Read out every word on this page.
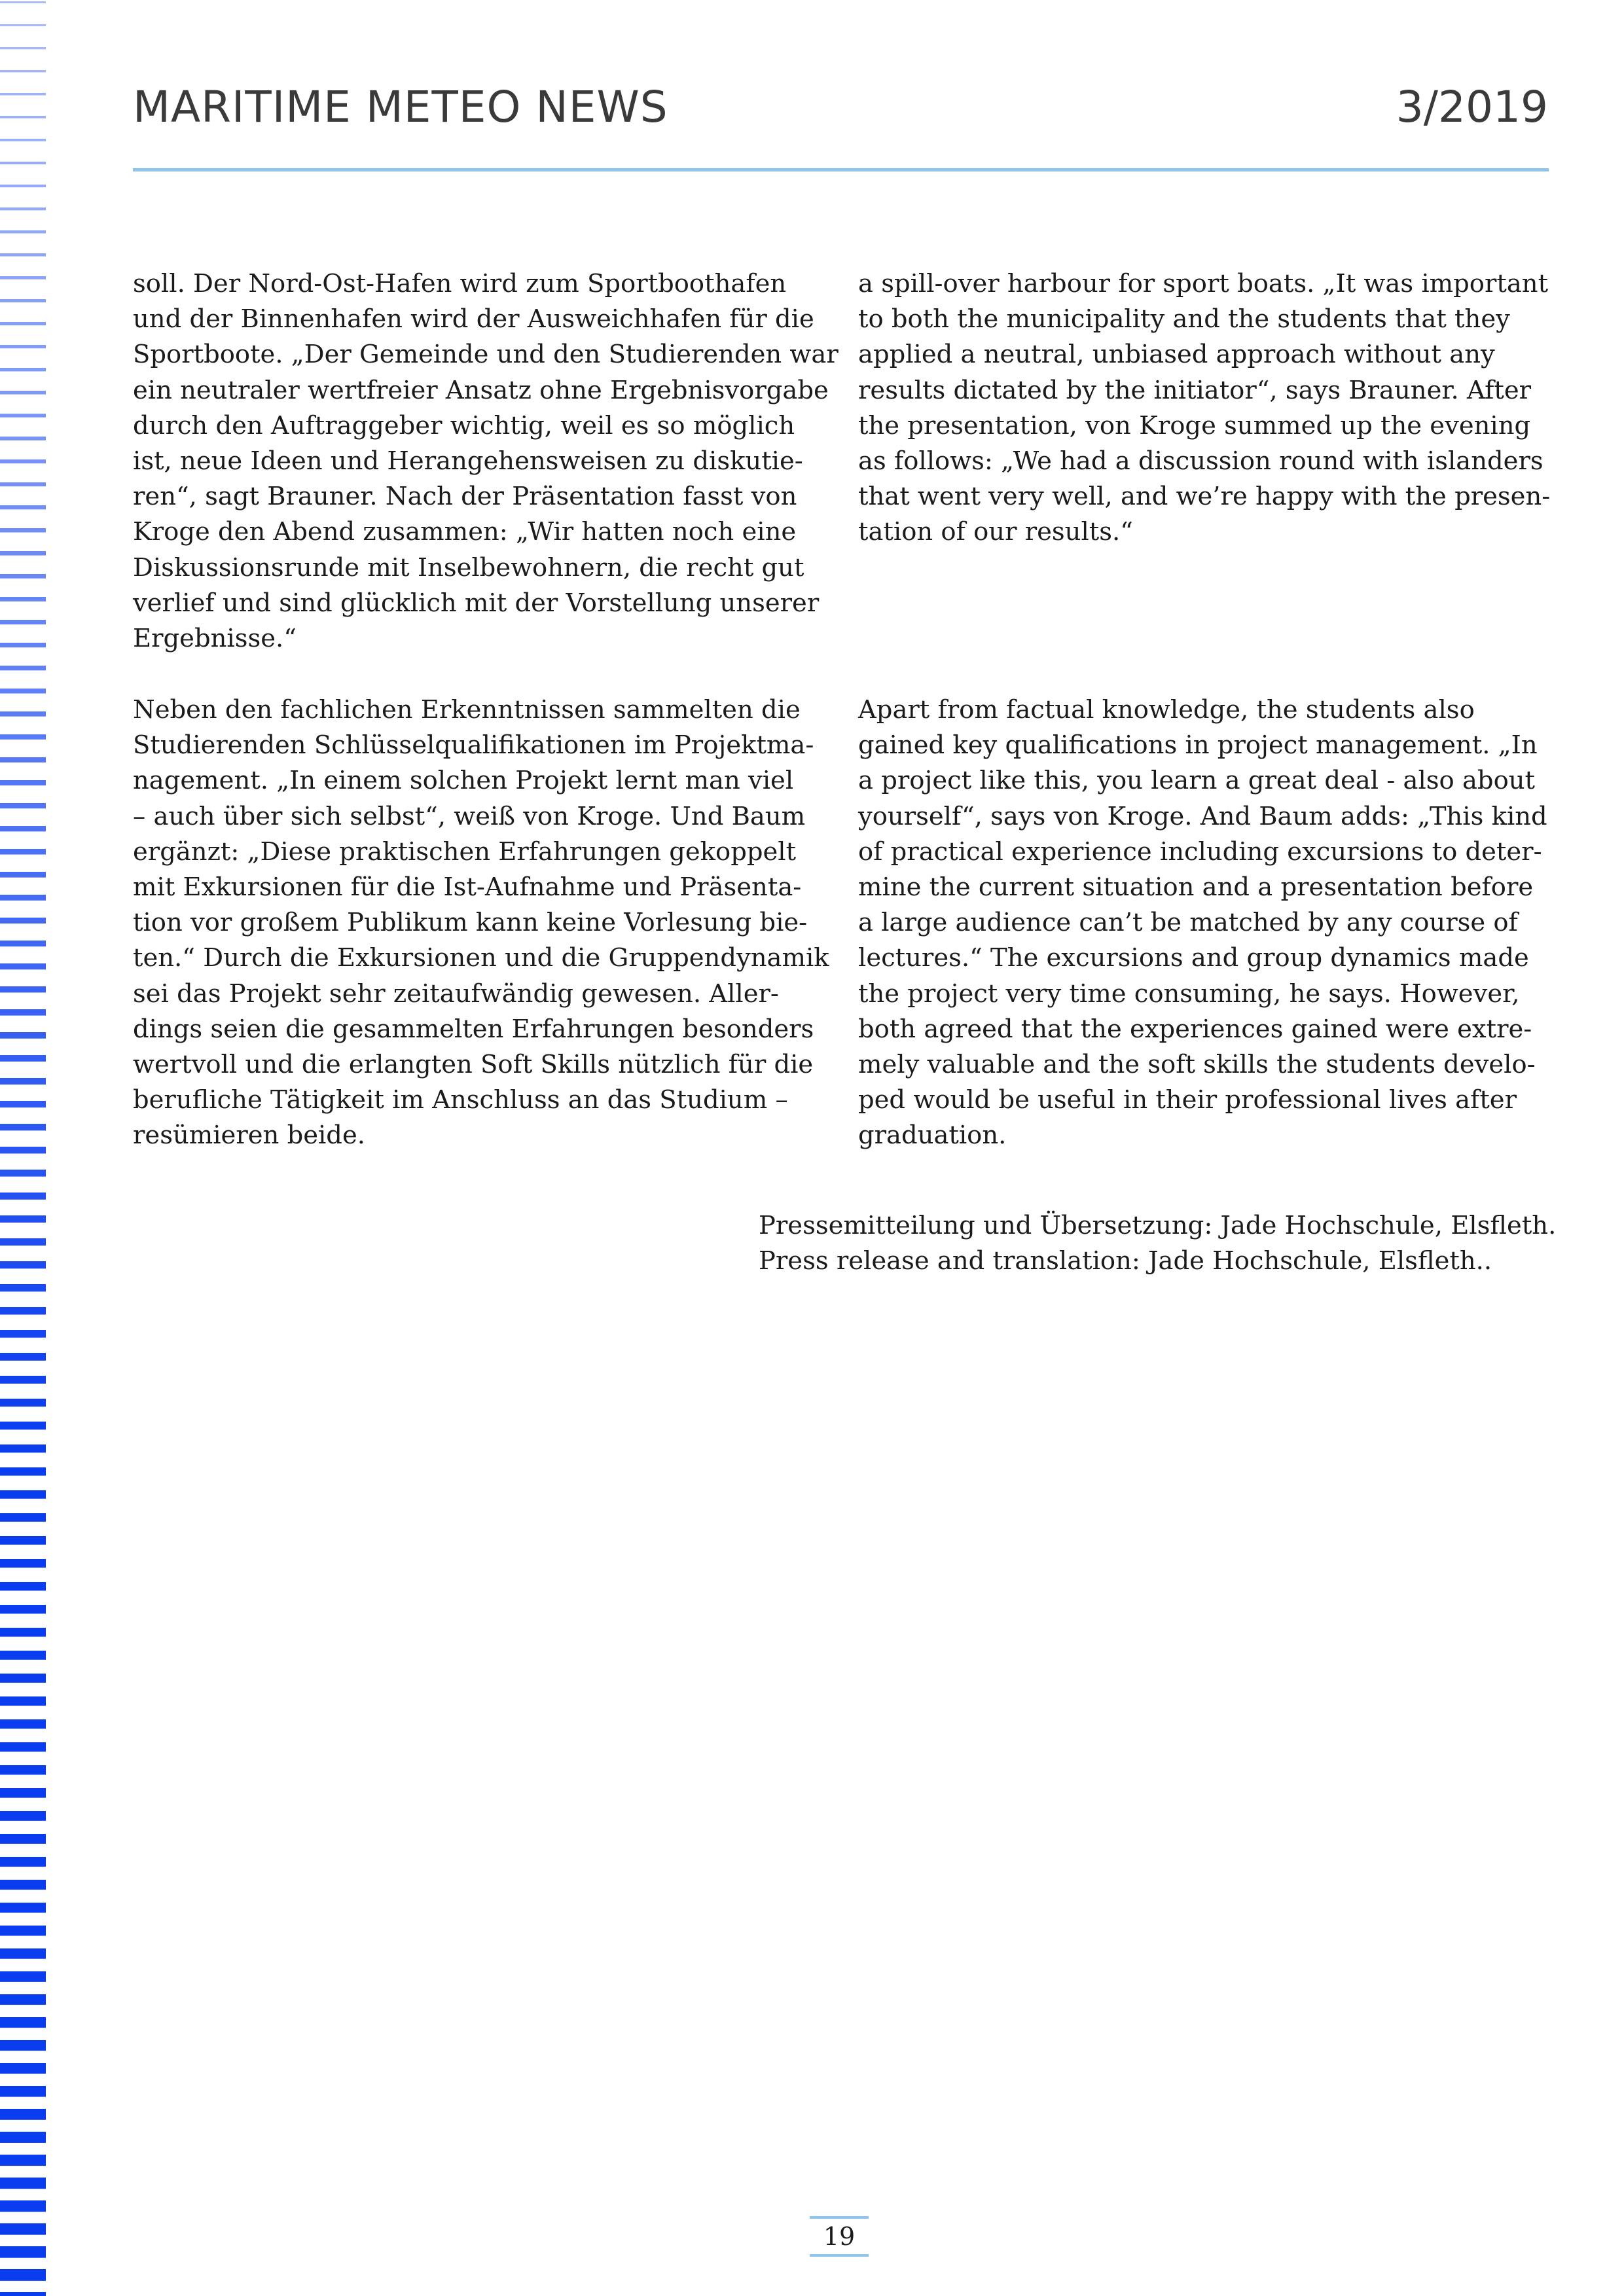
MARITIME METEO NEWS	3/2019

soll. Der Nord-Ost-Hafen wird zum Sportboothafen
und der Binnenhafen wird der Ausweichhafen für die
Sportboote. „Der Gemeinde und den Studierenden war
ein neutraler wertfreier Ansatz ohne Ergebnisvorgabe
durch den Auftraggeber wichtig, weil es so möglich
ist, neue Ideen und Herangehensweisen zu diskutie-
ren“, sagt Brauner. Nach der Präsentation fasst von
Kroge den Abend zusammen: „Wir hatten noch eine
Diskussionsrunde mit Inselbewohnern, die recht gut
verlief und sind glücklich mit der Vorstellung unserer
Ergebnisse.“

Neben den fachlichen Erkenntnissen sammelten die
Studierenden Schlüsselqualifikationen im Projektma-
nagement. „In einem solchen Projekt lernt man viel
– auch über sich selbst“, weiß von Kroge. Und Baum
ergänzt: „Diese praktischen Erfahrungen gekoppelt
mit Exkursionen für die Ist-Aufnahme und Präsenta-
tion vor großem Publikum kann keine Vorlesung bie-
ten.“ Durch die Exkursionen und die Gruppendynamik
sei das Projekt sehr zeitaufwändig gewesen. Aller-
dings seien die gesammelten Erfahrungen besonders
wertvoll und die erlangten Soft Skills nützlich für die
berufliche Tätigkeit im Anschluss an das Studium –
resümieren beide.

a spill-over harbour for sport boats. „It was important
to both the municipality and the students that they
applied a neutral, unbiased approach without any
results dictated by the initiator“, says Brauner. After
the presentation, von Kroge summed up the evening
as follows: „We had a discussion round with islanders
that went very well, and we’re happy with the presen-
tation of our results.“

Apart from factual knowledge, the students also
gained key qualifications in project management. „In
a project like this, you learn a great deal - also about
yourself“, says von Kroge. And Baum adds: „This kind
of practical experience including excursions to deter-
mine the current situation and a presentation before
a large audience can’t be matched by any course of
lectures.“ The excursions and group dynamics made
the project very time consuming, he says. However,
both agreed that the experiences gained were extre-
mely valuable and the soft skills the students develo-
ped would be useful in their professional lives after
graduation.

Pressemitteilung und Übersetzung: Jade Hochschule, Elsfleth.
Press release and translation: Jade Hochschule, Elsfleth..
19
